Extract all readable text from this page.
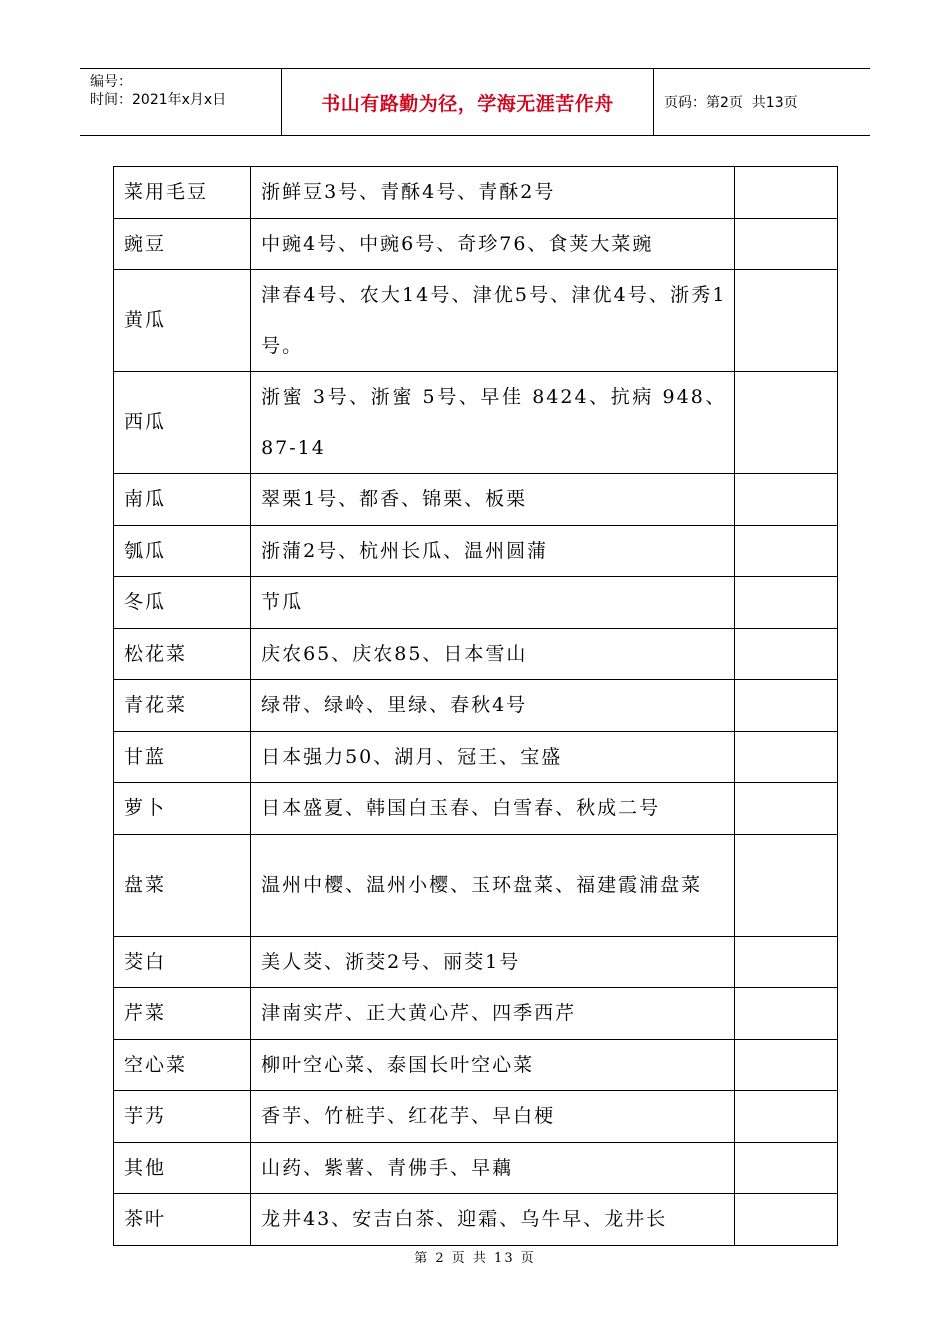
编号：
时间：2021年x月x日	书山有路勤为径，学海无涯苦作舟	页码：第2页  共13页
菜用毛豆	浙鲜豆3号、青酥4号、青酥2号	
豌豆	中豌4号、中豌6号、奇珍76、食荚大菜豌	
黄瓜	津春4号、农大14号、津优5号、津优4号、浙秀1号。	
西瓜	浙蜜 3号、浙蜜 5号、早佳 8424、抗病 948、87-14	
南瓜	翠栗1号、都香、锦栗、板栗	
瓠瓜	浙蒲2号、杭州长瓜、温州圆蒲	
冬瓜	节瓜	
松花菜	庆农65、庆农85、日本雪山	
青花菜	绿带、绿岭、里绿、春秋4号	
甘蓝	日本强力50、湖月、冠王、宝盛	
萝卜	日本盛夏、韩国白玉春、白雪春、秋成二号	
盘菜	温州中樱、温州小樱、玉环盘菜、福建霞浦盘菜	
茭白	美人茭、浙茭2号、丽茭1号	
芹菜	津南实芹、正大黄心芹、四季西芹	
空心菜	柳叶空心菜、泰国长叶空心菜	
芋艿	香芋、竹桩芋、红花芋、早白梗	
其他	山药、紫薯、青佛手、早藕	
茶叶	龙井43、安吉白茶、迎霜、乌牛早、龙井长	
第 2 页 共 13 页
